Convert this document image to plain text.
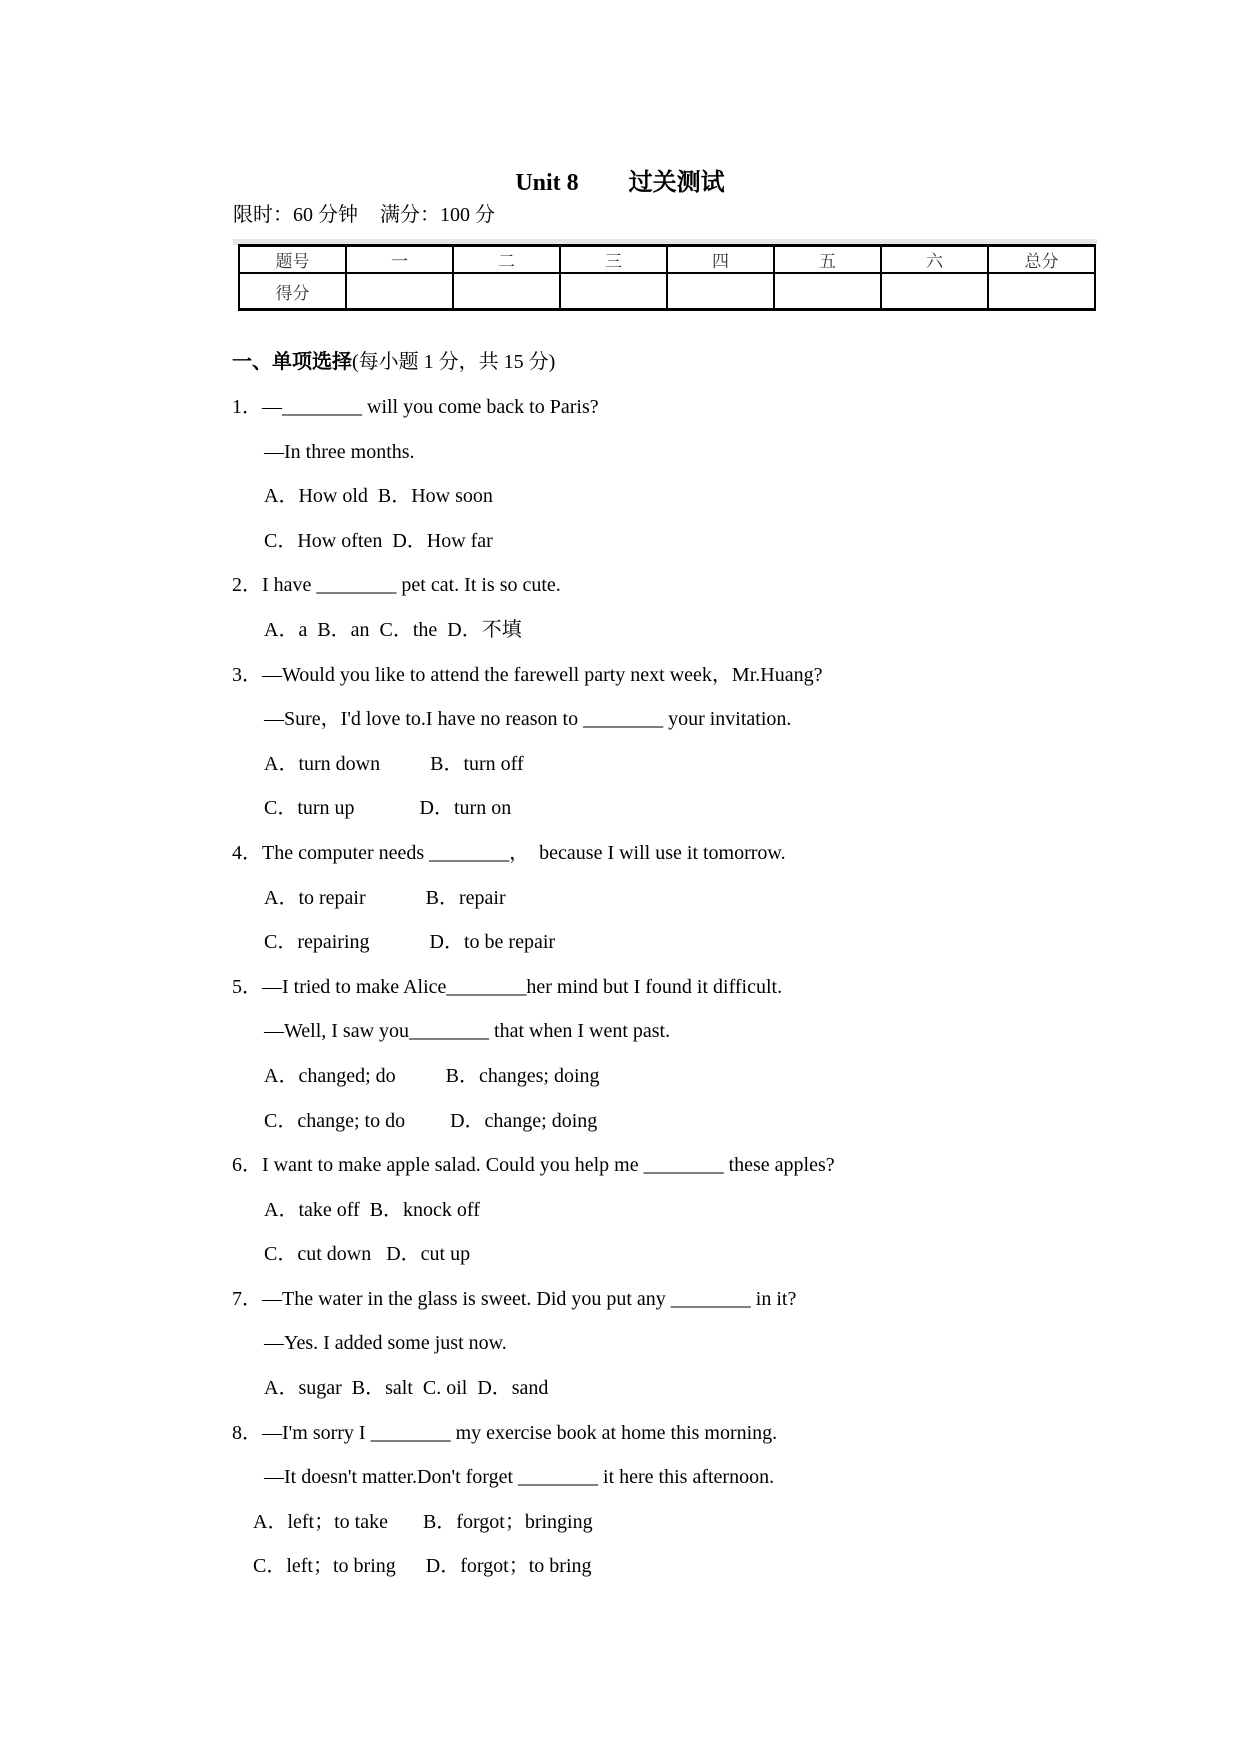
Unit 8 过关测试
限时：60 分钟 满分：100 分
题号	一	二	三	四	五	六	总分
得分							
一、单项选择(每小题 1 分，共 15 分)
1．—________ will you come back to Paris?
—In three months.
A．How old  B．How soon
C．How often  D．How far
2．I have ________ pet cat. It is so cute.
A．a  B．an  C．the  D．不填
3．—Would you like to attend the farewell party next week，Mr.Huang?
—Sure，I'd love to.I have no reason to ________ your invitation.
A．turn down          B．turn off
C．turn up             D．turn on
4．The computer needs ________，  because I will use it tomorrow.
A．to repair            B．repair
C．repairing            D．to be repair
5．—I tried to make Alice________her mind but I found it difficult.
—Well, I saw you________ that when I went past.
A．changed; do          B．changes; doing
C．change; to do         D．change; doing
6．I want to make apple salad. Could you help me ________ these apples?
A．take off  B．knock off
C．cut down   D．cut up
7．—The water in the glass is sweet. Did you put any ________ in it?
—Yes. I added some just now.
A．sugar  B．salt  C. oil  D．sand
8．—I'm sorry I ________ my exercise book at home this morning.
—It doesn't matter.Don't forget ________ it here this afternoon.
A．left；to take       B．forgot；bringing
C．left；to bring      D．forgot；to bring
